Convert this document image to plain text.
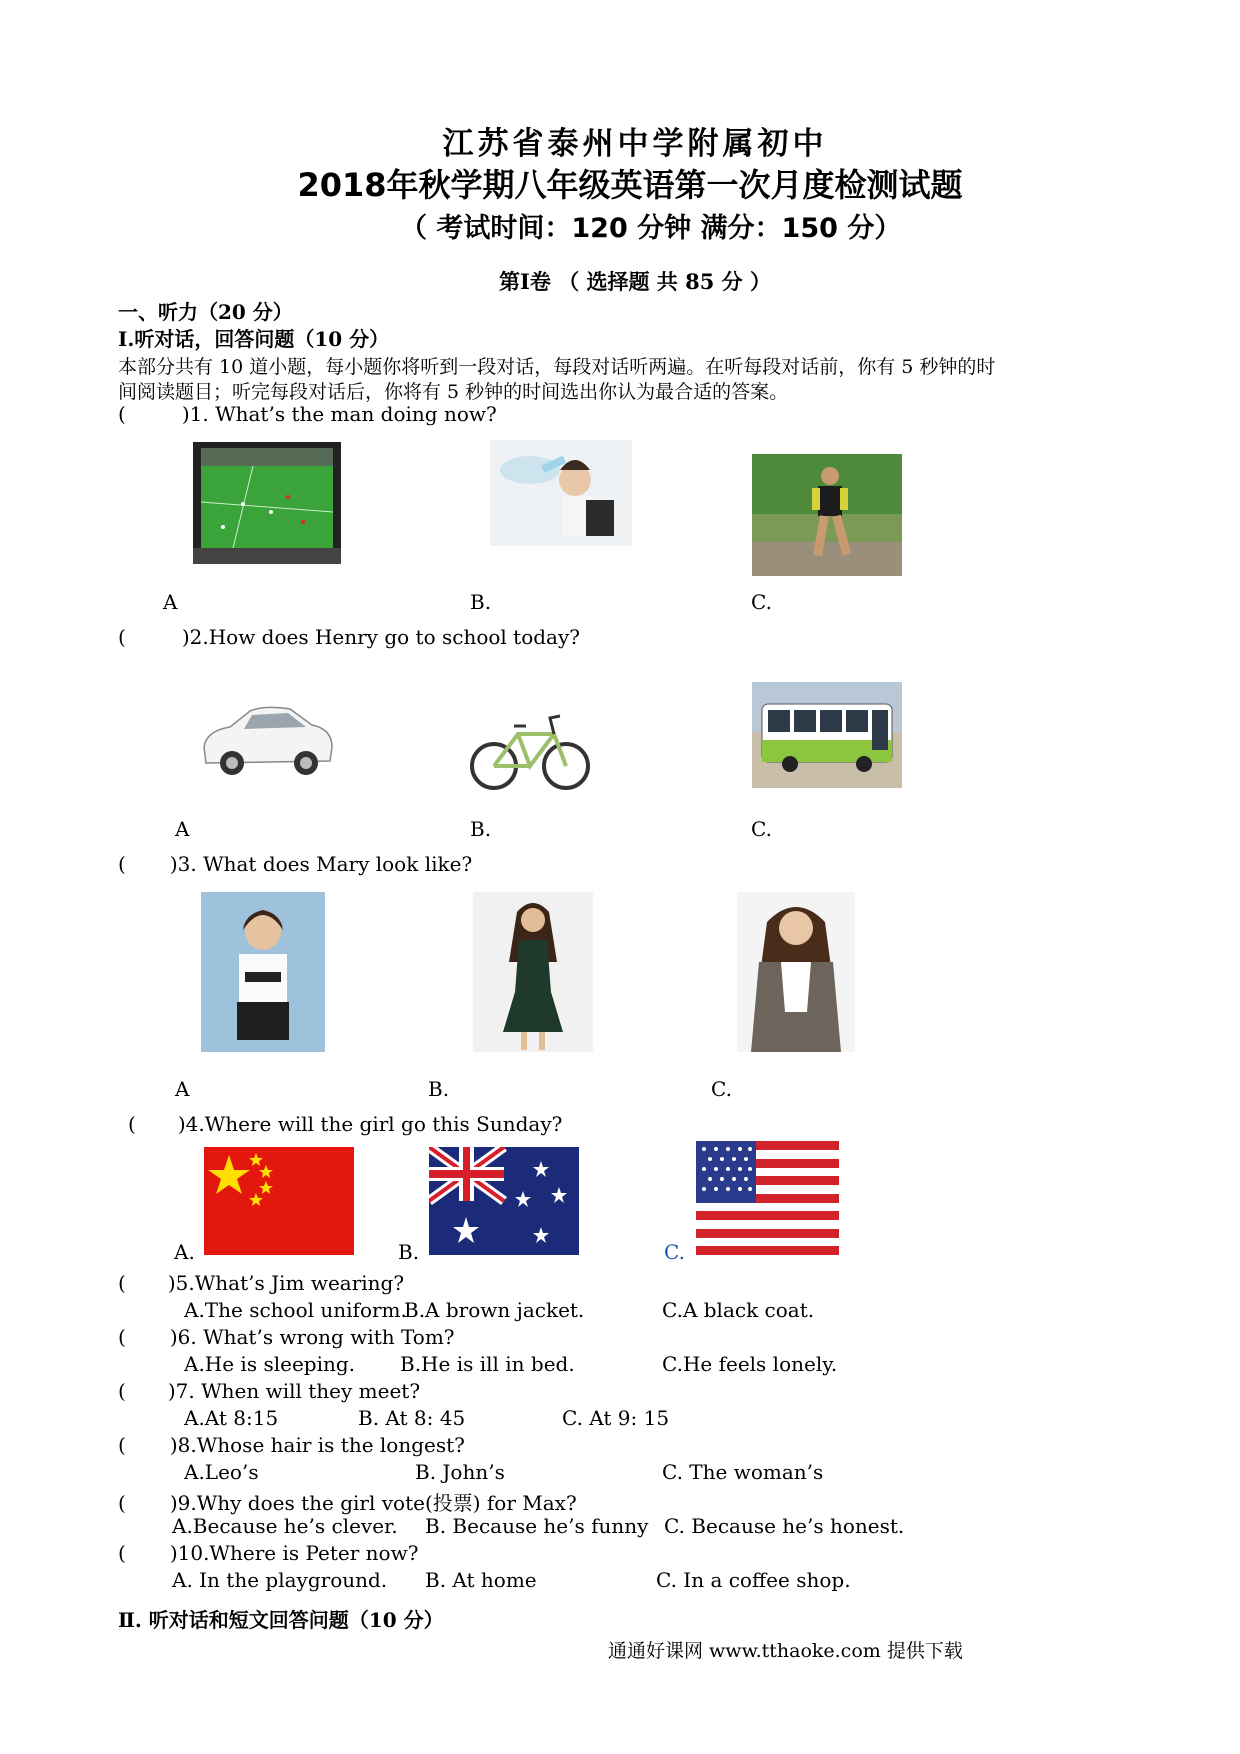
江苏省泰州中学附属初中
2018年秋学期八年级英语第一次月度检测试题
（ 考试时间：120 分钟 满分：150 分）
第Ⅰ卷 （ 选择题 共 85 分 ）
一、听力（20 分）
Ⅰ.听对话，回答问题（10 分）
本部分共有 10 道小题，每小题你将听到一段对话，每段对话听两遍。在听每段对话前，你有 5 秒钟的时
间阅读题目；听完每段对话后，你将有 5 秒钟的时间选出你认为最合适的答案。
(	)1. What’s the man doing now?
A	B.	C.
(	)2.How does Henry go to school today?
A	B.	C.
( )3. What does Mary look like?
A	B.	C.
( )4.Where will the girl go this Sunday?
A.	B.	C.
( )5.What’s Jim wearing?
A.The school uniform.
B.A brown jacket.	C.A black coat.
( )6. What’s wrong with Tom?
A.He is sleeping. B.He is ill in bed.	C.He feels lonely.
( )7. When will they meet?
A.At 8:15	B. At 8: 45	C. At 9: 15
( )8.Whose hair is the longest?
A.Leo’s	B. John’s	C. The woman’s
( )9.Why does the girl vote(投票) for Max?
A.Because he’s clever. B. Because he’s funny C. Because he’s honest.
( )10.Where is Peter now?
A. In the playground. B. At home	C. In a coffee shop.
Ⅱ. 听对话和短文回答问题（10 分）
通通好课网 www.tthaoke.com 提供下载
